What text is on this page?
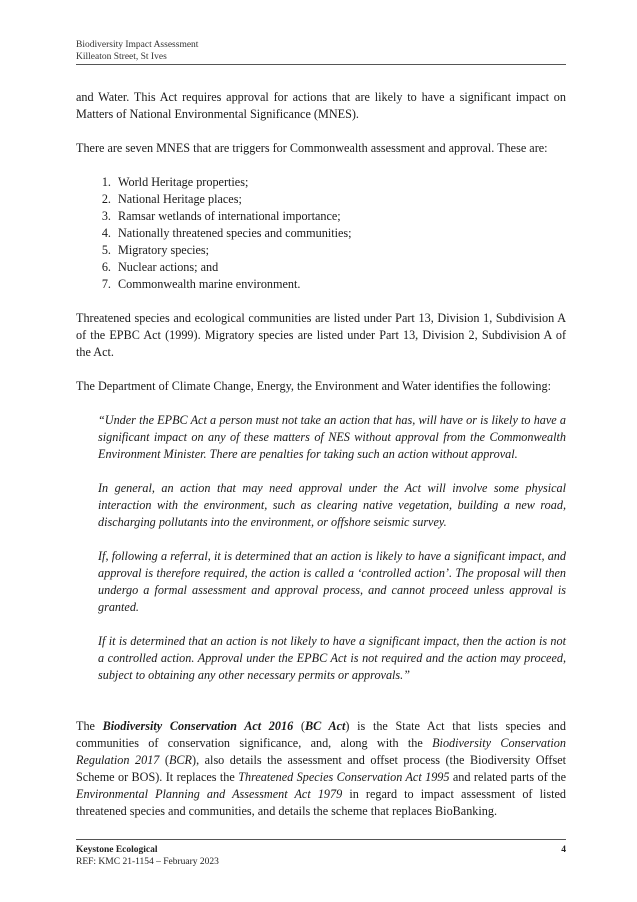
Biodiversity Impact Assessment
Killeaton Street, St Ives

and Water. This Act requires approval for actions that are likely to have a significant impact on Matters of National Environmental Significance (MNES).

There are seven MNES that are triggers for Commonwealth assessment and approval. These are:

1. World Heritage properties;
2. National Heritage places;
3. Ramsar wetlands of international importance;
4. Nationally threatened species and communities;
5. Migratory species;
6. Nuclear actions; and
7. Commonwealth marine environment.

Threatened species and ecological communities are listed under Part 13, Division 1, Subdivision A of the EPBC Act (1999). Migratory species are listed under Part 13, Division 2, Subdivision A of the Act.

The Department of Climate Change, Energy, the Environment and Water identifies the following:

“Under the EPBC Act a person must not take an action that has, will have or is likely to have a significant impact on any of these matters of NES without approval from the Commonwealth Environment Minister. There are penalties for taking such an action without approval.

In general, an action that may need approval under the Act will involve some physical interaction with the environment, such as clearing native vegetation, building a new road, discharging pollutants into the environment, or offshore seismic survey.

If, following a referral, it is determined that an action is likely to have a significant impact, and approval is therefore required, the action is called a ‘controlled action’. The proposal will then undergo a formal assessment and approval process, and cannot proceed unless approval is granted.

If it is determined that an action is not likely to have a significant impact, then the action is not a controlled action. Approval under the EPBC Act is not required and the action may proceed, subject to obtaining any other necessary permits or approvals.”

The Biodiversity Conservation Act 2016 (BC Act) is the State Act that lists species and communities of conservation significance, and, along with the Biodiversity Conservation Regulation 2017 (BCR), also details the assessment and offset process (the Biodiversity Offset Scheme or BOS). It replaces the Threatened Species Conservation Act 1995 and related parts of the Environmental Planning and Assessment Act 1979 in regard to impact assessment of listed threatened species and communities, and details the scheme that replaces BioBanking.

Keystone Ecological
REF: KMC 21-1154 – February 2023
4
